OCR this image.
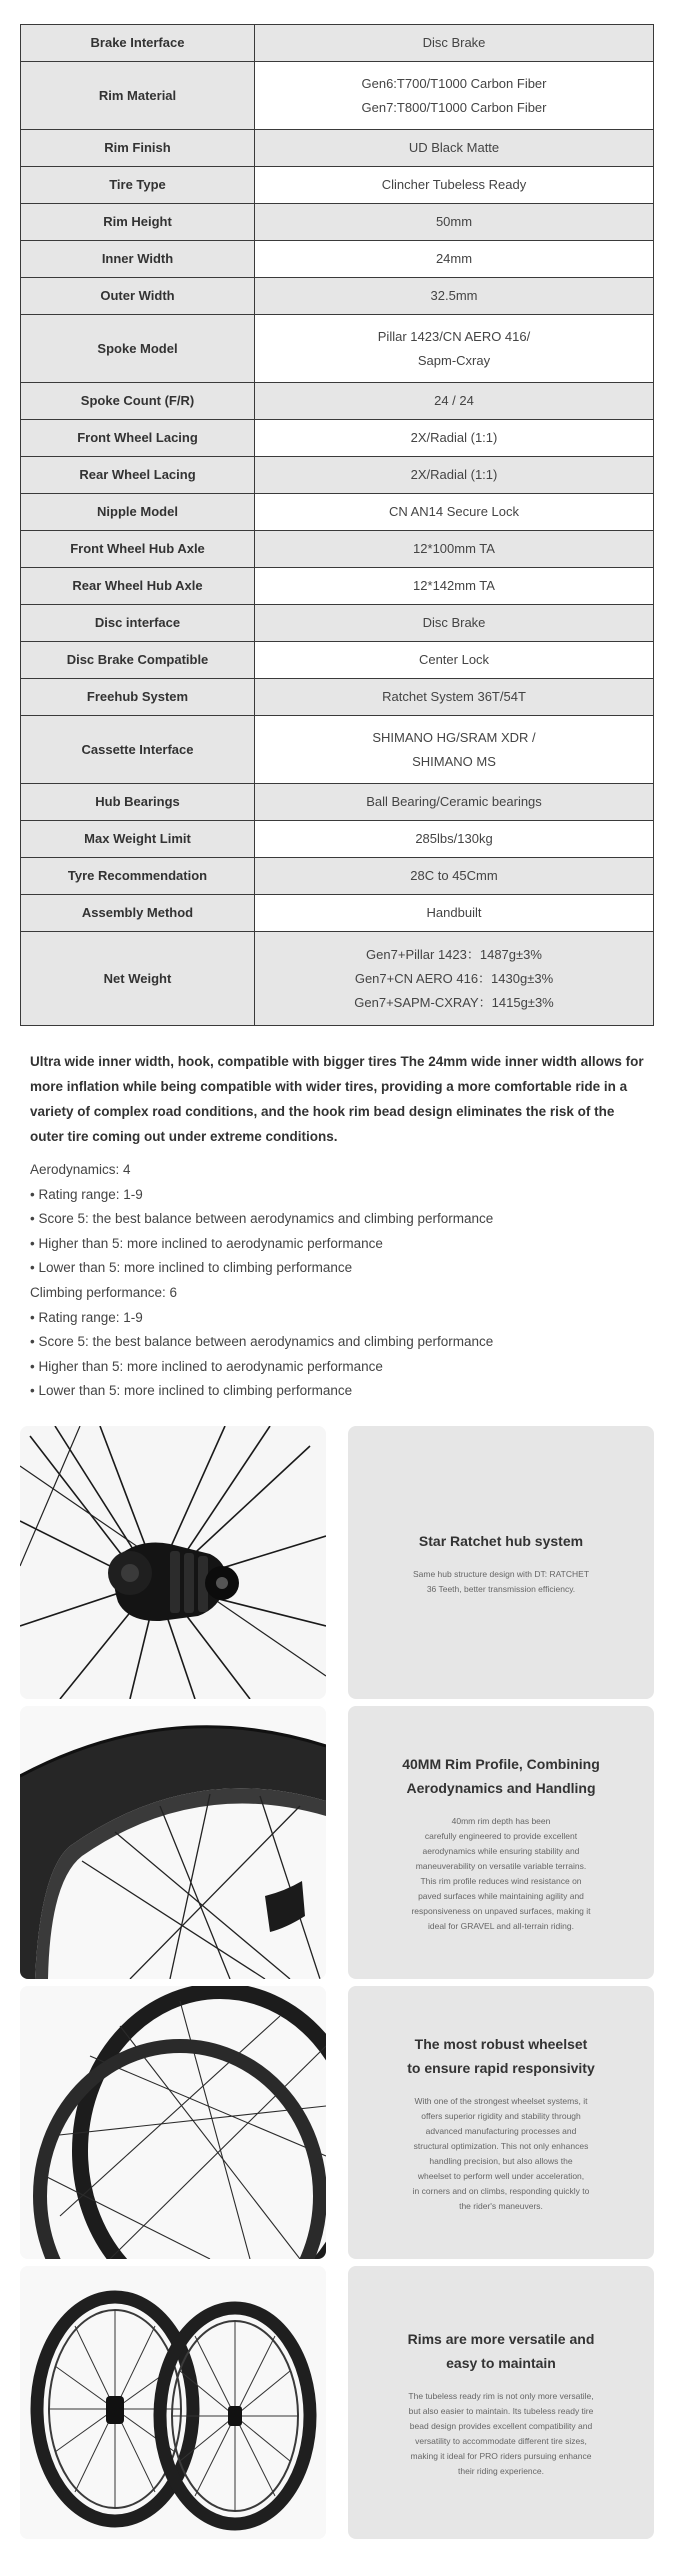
Brake Interface	Disc Brake

Rim Material	Gen6:T700/T1000 Carbon Fiber
Gen7:T800/T1000 Carbon Fiber

Rim Finish	UD Black Matte

Tire Type	Clincher Tubeless Ready

Rim Height	50mm

Inner Width	24mm

Outer Width	32.5mm

Spoke Model	Pillar 1423/CN AERO 416/
Sapm-Cxray

Spoke Count (F/R)	24 / 24

Front Wheel Lacing	2X/Radial (1:1)

Rear Wheel Lacing	2X/Radial (1:1)

Nipple Model	CN AN14 Secure Lock

Front Wheel Hub Axle	12*100mm TA

Rear Wheel Hub Axle	12*142mm TA

Disc interface	Disc Brake

Disc Brake Compatible	Center Lock

Freehub System	Ratchet System 36T/54T

Cassette Interface	SHIMANO HG/SRAM XDR /
SHIMANO MS

Hub Bearings	Ball Bearing/Ceramic bearings

Max Weight Limit	285lbs/130kg

Tyre Recommendation	28C to 45Cmm

Assembly Method	Handbuilt

Net Weight	Gen7+Pillar 1423：1487g±3%
Gen7+CN AERO 416：1430g±3%
Gen7+SAPM-CXRAY：1415g±3%

Ultra wide inner width, hook, compatible with bigger tires The 24mm wide inner width allows for more inflation while being compatible with wider tires, providing a more comfortable ride in a variety of complex road conditions, and the hook rim bead design eliminates the risk of the outer tire coming out under extreme conditions.

Aerodynamics: 4
• Rating range: 1-9
• Score 5: the best balance between aerodynamics and climbing performance
• Higher than 5: more inclined to aerodynamic performance
• Lower than 5: more inclined to climbing performance
Climbing performance: 6
• Rating range: 1-9
• Score 5: the best balance between aerodynamics and climbing performance
• Higher than 5: more inclined to aerodynamic performance
• Lower than 5: more inclined to climbing performance
Star Ratchet hub system

Same hub structure design with DT: RATCHET
36 Teeth, better transmission efficiency.

40MM Rim Profile, Combining
Aerodynamics and Handling

40mm rim depth has been
carefully engineered to provide excellent
aerodynamics while ensuring stability and
maneuverability on versatile variable terrains.
This rim profile reduces wind resistance on
paved surfaces while maintaining agility and
responsiveness on unpaved surfaces, making it
ideal for GRAVEL and all-terrain riding.

The most robust wheelset
to ensure rapid responsivity

With one of the strongest wheelset systems, it
offers superior rigidity and stability through
advanced manufacturing processes and
structural optimization. This not only enhances
handling precision, but also allows the
wheelset to perform well under acceleration,
in corners and on climbs, responding quickly to
the rider's maneuvers.

Rims are more versatile and
easy to maintain

The tubeless ready rim is not only more versatile,
but also easier to maintain. Its tubeless ready tire
bead design provides excellent compatibility and
versatility to accommodate different tire sizes,
making it ideal for PRO riders pursuing enhance
their riding experience.
